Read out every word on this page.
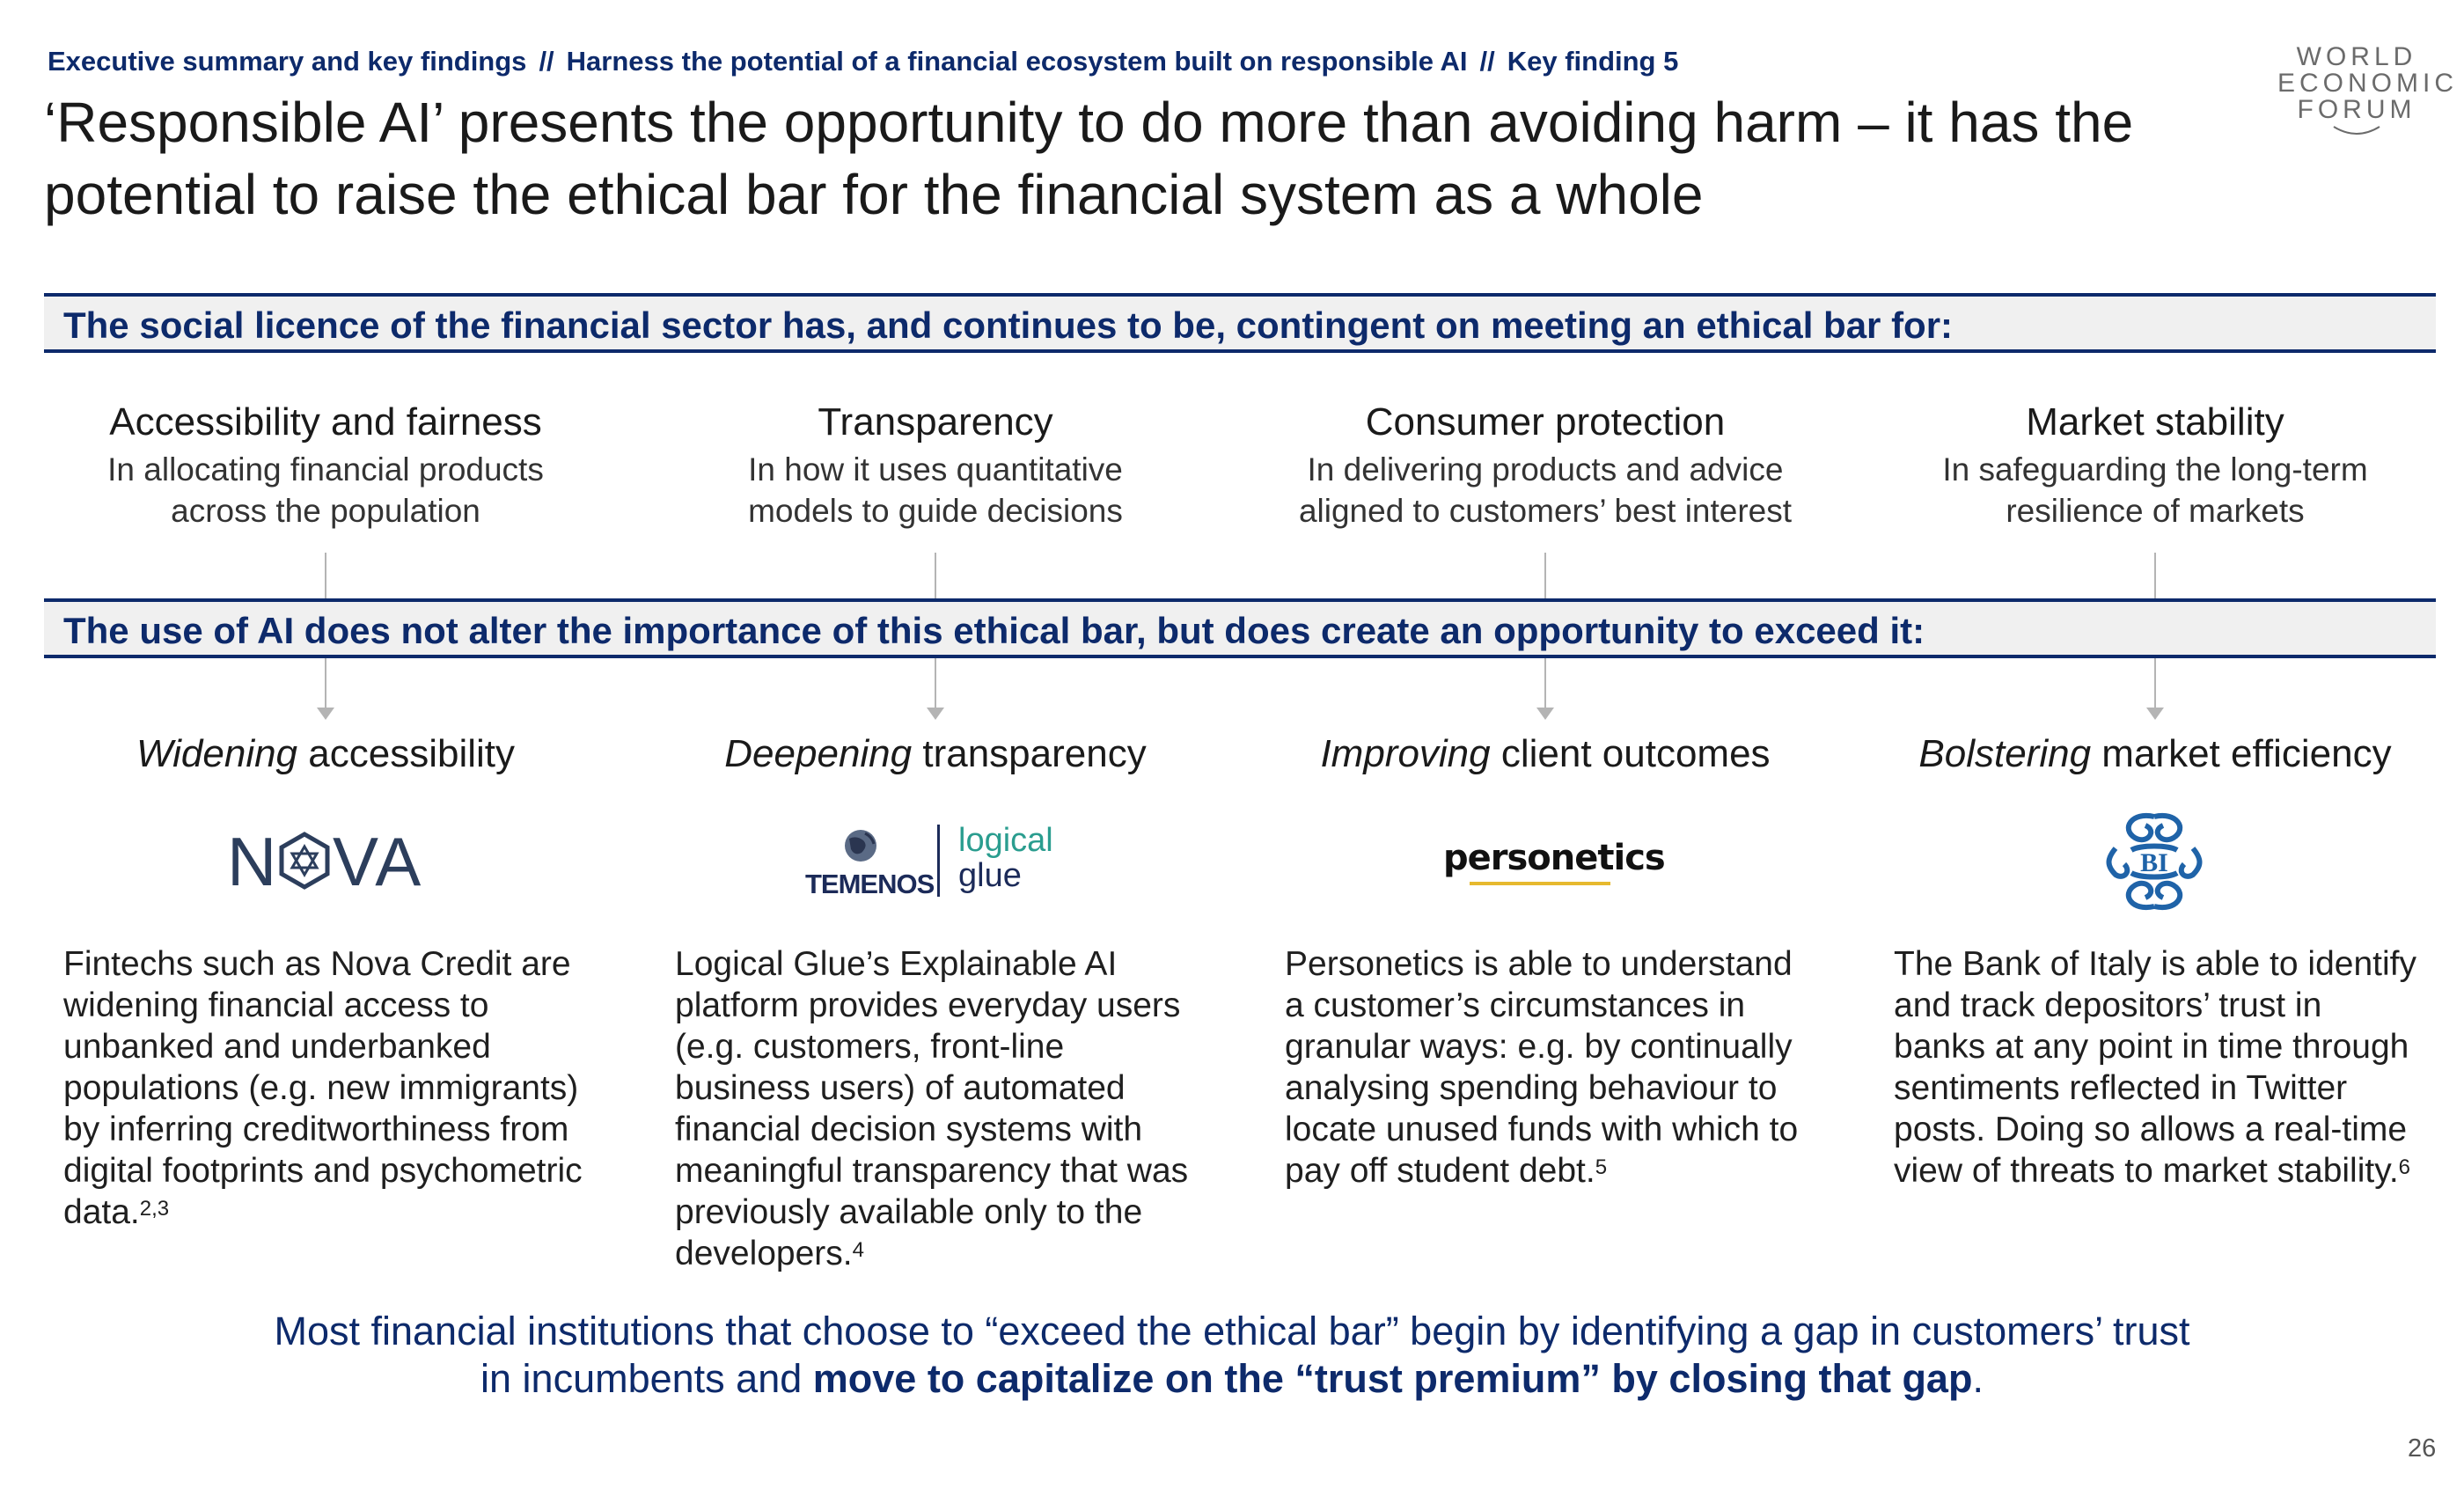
Executive summary and key findings // Harness the potential of a financial ecosystem built on responsible AI // Key finding 5
‘Responsible AI’ presents the opportunity to do more than avoiding harm – it has the
potential to raise the ethical bar for the financial system as a whole
WORLD
ECONOMIC
FORUM
The social licence of the financial sector has, and continues to be, contingent on meeting an ethical bar for:
Accessibility and fairness
In allocating financial products
across the population
Transparency
In how it uses quantitative
models to guide decisions
Consumer protection
In delivering products and advice
aligned to customers’ best interest
Market stability
In safeguarding the long-term
resilience of markets
The use of AI does not alter the importance of this ethical bar, but does create an opportunity to exceed it:
Widening accessibility	Deepening transparency	Improving client outcomes	Bolstering market efficiency
N VA	TEMENOS
logical
glue	personetics	BI
Fintechs such as Nova Credit are widening financial access to unbanked and underbanked populations (e.g. new immigrants) by inferring creditworthiness from digital footprints and psychometric data.$^{2,3}$
Logical Glue’s Explainable AI platform provides everyday users (e.g. customers, front-line business users) of automated financial decision systems with meaningful transparency that was previously available only to the developers.$^4$
Personetics is able to understand a customer’s circumstances in granular ways: e.g. by continually analysing spending behaviour to locate unused funds with which to pay off student debt.$^5$
The Bank of Italy is able to identify and track depositors’ trust in banks at any point in time through sentiments reflected in Twitter posts. Doing so allows a real-time view of threats to market stability.$^6$
Most financial institutions that choose to “exceed the ethical bar” begin by identifying a gap in customers’ trust
in incumbents and move to capitalize on the “trust premium” by closing that gap.
26
